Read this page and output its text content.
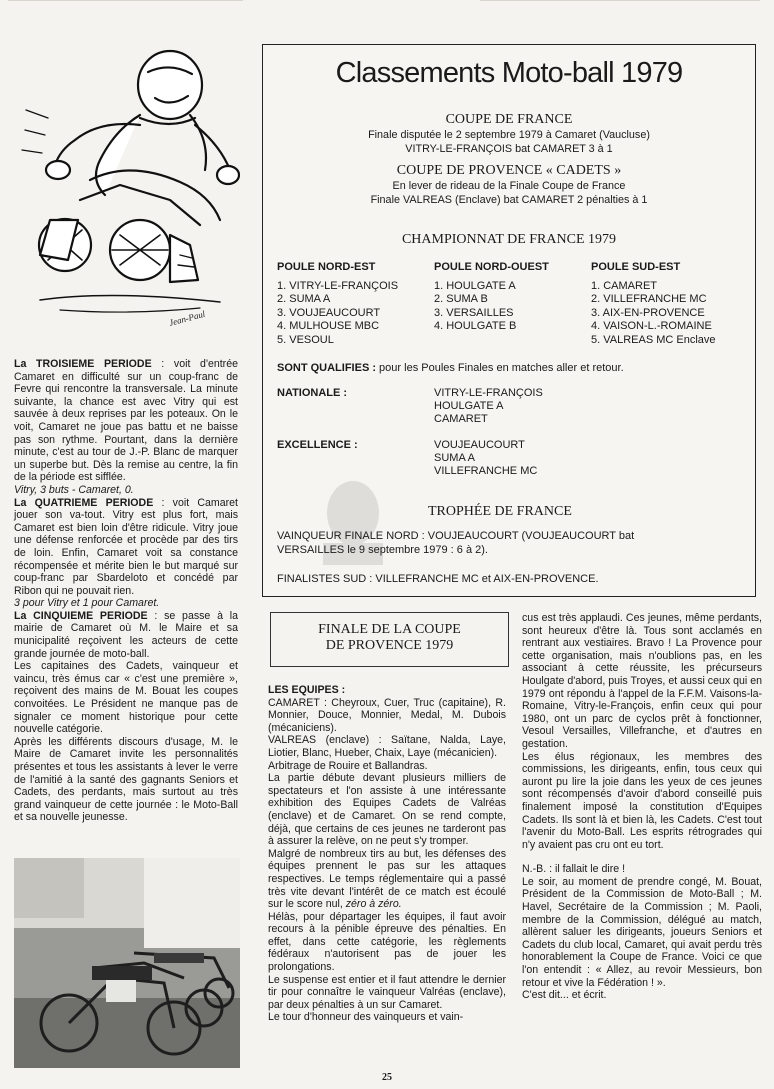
Jean-Paul

La TROISIEME PERIODE : voit d'entrée Camaret en difficulté sur un coup-franc de Fevre qui rencontre la transversale. La minute suivante, la chance est avec Vitry qui est sauvée à deux reprises par les poteaux. On le voit, Camaret ne joue pas battu et ne baisse pas son rythme. Pourtant, dans la dernière minute, c'est au tour de J.-P. Blanc de marquer un superbe but. Dès la remise au centre, la fin de la période est sifflée.

Vitry, 3 buts - Camaret, 0.

La QUATRIEME PERIODE : voit Camaret jouer son va-tout. Vitry est plus fort, mais Camaret est bien loin d'être ridicule. Vitry joue une défense renforcée et procède par des tirs de loin. Enfin, Camaret voit sa constance récompensée et mérite bien le but marqué sur coup-franc par Sbardeloto et concédé par Ribon qui ne pouvait rien.

3 pour Vitry et 1 pour Camaret.

La CINQUIEME PERIODE : se passe à la mairie de Camaret où M. le Maire et sa municipalité reçoivent les acteurs de cette grande journée de moto-ball.

Les capitaines des Cadets, vainqueur et vaincu, très émus car « c'est une première », reçoivent des mains de M. Bouat les coupes convoitées. Le Président ne manque pas de signaler ce moment historique pour cette nouvelle catégorie.

Après les différents discours d'usage, M. le Maire de Camaret invite les personnalités présentes et tous les assistants à lever le verre de l'amitié à la santé des gagnants Seniors et Cadets, des perdants, mais surtout au très grand vainqueur de cette journée : le Moto-Ball et sa nouvelle jeunesse.

Classements Moto-ball 1979
COUPE DE FRANCE
Finale disputée le 2 septembre 1979 à Camaret (Vaucluse)
VITRY-LE-FRANÇOIS bat CAMARET 3 à 1
COUPE DE PROVENCE « CADETS »
En lever de rideau de la Finale Coupe de France
Finale VALREAS (Enclave) bat CAMARET 2 pénalties à 1
CHAMPIONNAT DE FRANCE 1979
POULE NORD-EST
1. VITRY-LE-FRANÇOIS
2. SUMA A
3. VOUJEAUCOURT
4. MULHOUSE MBC
5. VESOUL
POULE NORD-OUEST
1. HOULGATE A
2. SUMA B
3. VERSAILLES
4. HOULGATE B
POULE SUD-EST
1. CAMARET
2. VILLEFRANCHE MC
3. AIX-EN-PROVENCE
4. VAISON-L.-ROMAINE
5. VALREAS MC Enclave
SONT QUALIFIES : pour les Poules Finales en matches aller et retour.
NATIONALE :	VITRY-LE-FRANÇOIS
HOULGATE A
CAMARET
EXCELLENCE :	VOUJEAUCOURT
SUMA A
VILLEFRANCHE MC
TROPHÉE DE FRANCE
VAINQUEUR FINALE NORD : VOUJEAUCOURT (VOUJEAUCOURT bat
VERSAILLES le 9 septembre 1979 : 6 à 2).
FINALISTES SUD : VILLEFRANCHE MC et AIX-EN-PROVENCE.
FINALE DE LA COUPE
DE PROVENCE 1979

LES EQUIPES :

CAMARET : Cheyroux, Cuer, Truc (capitaine), R. Monnier, Douce, Monnier, Medal, M. Dubois (mécaniciens).

VALREAS (enclave) : Saïtane, Nalda, Laye, Liotier, Blanc, Hueber, Chaix, Laye (mécanicien).

Arbitrage de Rouire et Ballandras.

La partie débute devant plusieurs milliers de spectateurs et l'on assiste à une intéressante exhibition des Equipes Cadets de Valréas (enclave) et de Camaret. On se rend compte, déjà, que certains de ces jeunes ne tarderont pas à assurer la relève, on ne peut s'y tromper.

Malgré de nombreux tirs au but, les défenses des équipes prennent le pas sur les attaques respectives. Le temps réglementaire qui a passé très vite devant l'intérêt de ce match est écoulé sur le score nul, zéro à zéro.

Hélàs, pour départager les équipes, il faut avoir recours à la pénible épreuve des pénalties. En effet, dans cette catégorie, les règlements fédéraux n'autorisent pas de jouer les prolongations.

Le suspense est entier et il faut attendre le dernier tir pour connaître le vainqueur Valréas (enclave), par deux pénalties à un sur Camaret.

Le tour d'honneur des vainqueurs et vain-

cus est très applaudi. Ces jeunes, même perdants, sont heureux d'être là. Tous sont acclamés en rentrant aux vestiaires. Bravo ! La Provence pour cette organisation, mais n'oublions pas, en les associant à cette réussite, les précurseurs Houlgate d'abord, puis Troyes, et aussi ceux qui en 1979 ont répondu à l'appel de la F.F.M. Vaisons-la-Romaine, Vitry-le-François, enfin ceux qui pour 1980, ont un parc de cyclos prêt à fonctionner, Vesoul Versailles, Villefranche, et d'autres en gestation.

Les élus régionaux, les membres des commissions, les dirigeants, enfin, tous ceux qui auront pu lire la joie dans les yeux de ces jeunes sont récompensés d'avoir d'abord conseillé puis finalement imposé la constitution d'Equipes Cadets. Ils sont là et bien là, les Cadets. C'est tout l'avenir du Moto-Ball. Les esprits rétrogrades qui n'y avaient pas cru ont eu tort.

N.-B. : il fallait le dire !

Le soir, au moment de prendre congé, M. Bouat, Président de la Commission de Moto-Ball ; M. Havel, Secrétaire de la Commission ; M. Paoli, membre de la Commission, délégué au match, allèrent saluer les dirigeants, joueurs Seniors et Cadets du club local, Camaret, qui avait perdu très honorablement la Coupe de France. Voici ce que l'on entendit : « Allez, au revoir Messieurs, bon retour et vive la Fédération ! ».

C'est dit... et écrit.

25
